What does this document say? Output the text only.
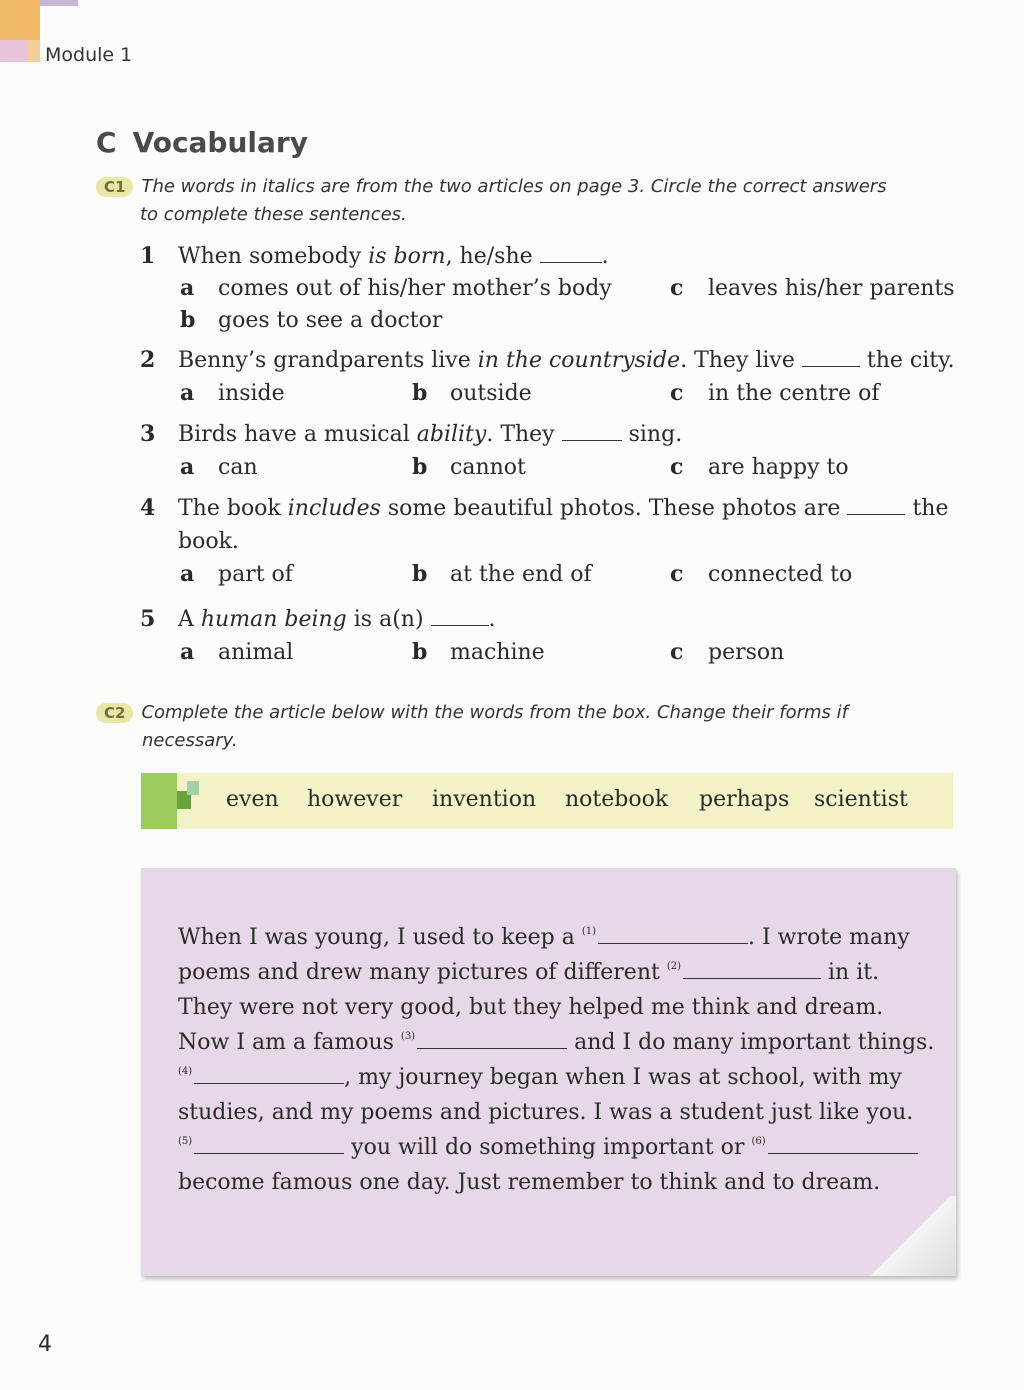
Module 1
C Vocabulary
C1 The words in italics are from the two articles on page 3. Circle the correct answers
to complete these sentences.
1 When somebody is born, he/she	.
a comes out of his/her mother’s body	c leaves his/her parents
b goes to see a doctor
2 Benny’s grandparents live in the countryside. They live	the city.
a inside	b outside	c in the centre of
3 Birds have a musical ability. They	sing.
a can	b cannot	c are happy to
4 The book includes some beautiful photos. These photos are	the
book.
a part of	b at the end of	c connected to
5 A human being is a(n)	.
a animal	b machine	c person
C2 Complete the article below with the words from the box. Change their forms if
necessary.
even however invention notebook perhaps scientist
When I was young, I used to keep a $^{(1)}$	. I wrote many
poems and drew many pictures of different $^{(2)}$	in it.
They were not very good, but they helped me think and dream.
Now I am a famous $^{(3)}$	and I do many important things.
$^{(4)}$	, my journey began when I was at school, with my
studies, and my poems and pictures. I was a student just like you.
$^{(5)}$	you will do something important or $^{(6)}$
become famous one day. Just remember to think and to dream.
4
